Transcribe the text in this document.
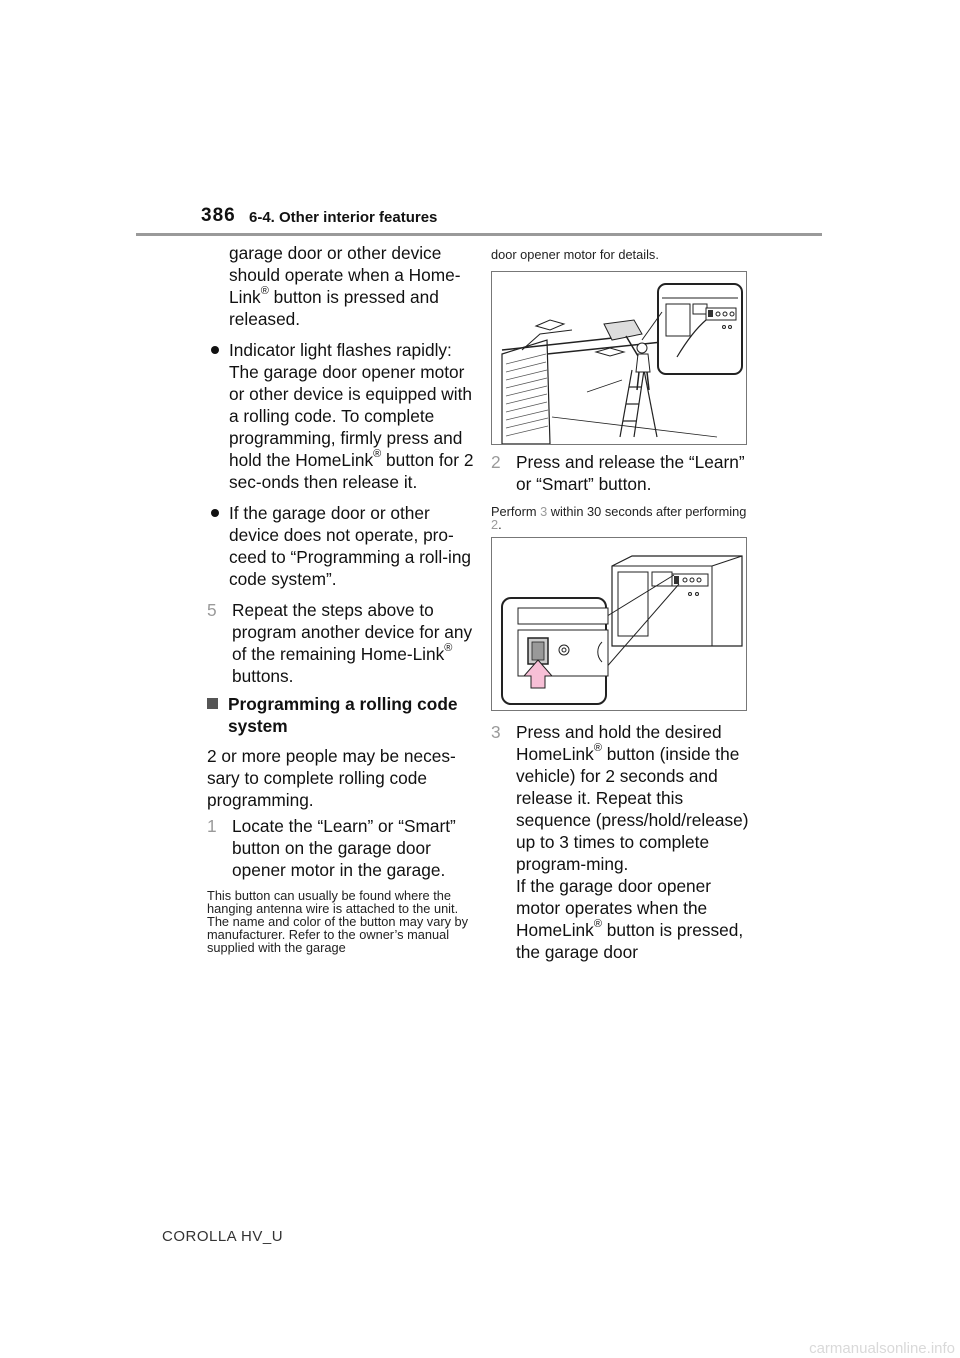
386 6-4. Other interior features

garage door or other device should operate when a Home-
Link® button is pressed and released.

Indicator light flashes rapidly: The garage door opener motor or other device is equipped with a rolling code. To complete programming, firmly press and hold the HomeLink® button for 2 sec-onds then release it.
If the garage door or other device does not operate, pro-ceed to “Programming a roll-ing code system”.
5 Repeat the steps above to program another device for any of the remaining Home-Link® buttons.
Programming a rolling code system

2 or more people may be neces-sary to complete rolling code programming.

1 Locate the “Learn” or “Smart” button on the garage door opener motor in the garage.

This button can usually be found where the hanging antenna wire is attached to the unit. The name and color of the button may vary by manufacturer. Refer to the owner’s manual supplied with the garage

door opener motor for details.

2 Press and release the “Learn” or “Smart” button.

Perform 3 within 30 seconds after performing 2.

3 Press and hold the desired HomeLink® button (inside the vehicle) for 2 seconds and release it. Repeat this sequence (press/hold/release) up to 3 times to complete program-ming.
If the garage door opener motor operates when the HomeLink® button is pressed, the garage door
COROLLA HV_U
carmanualsonline.info
